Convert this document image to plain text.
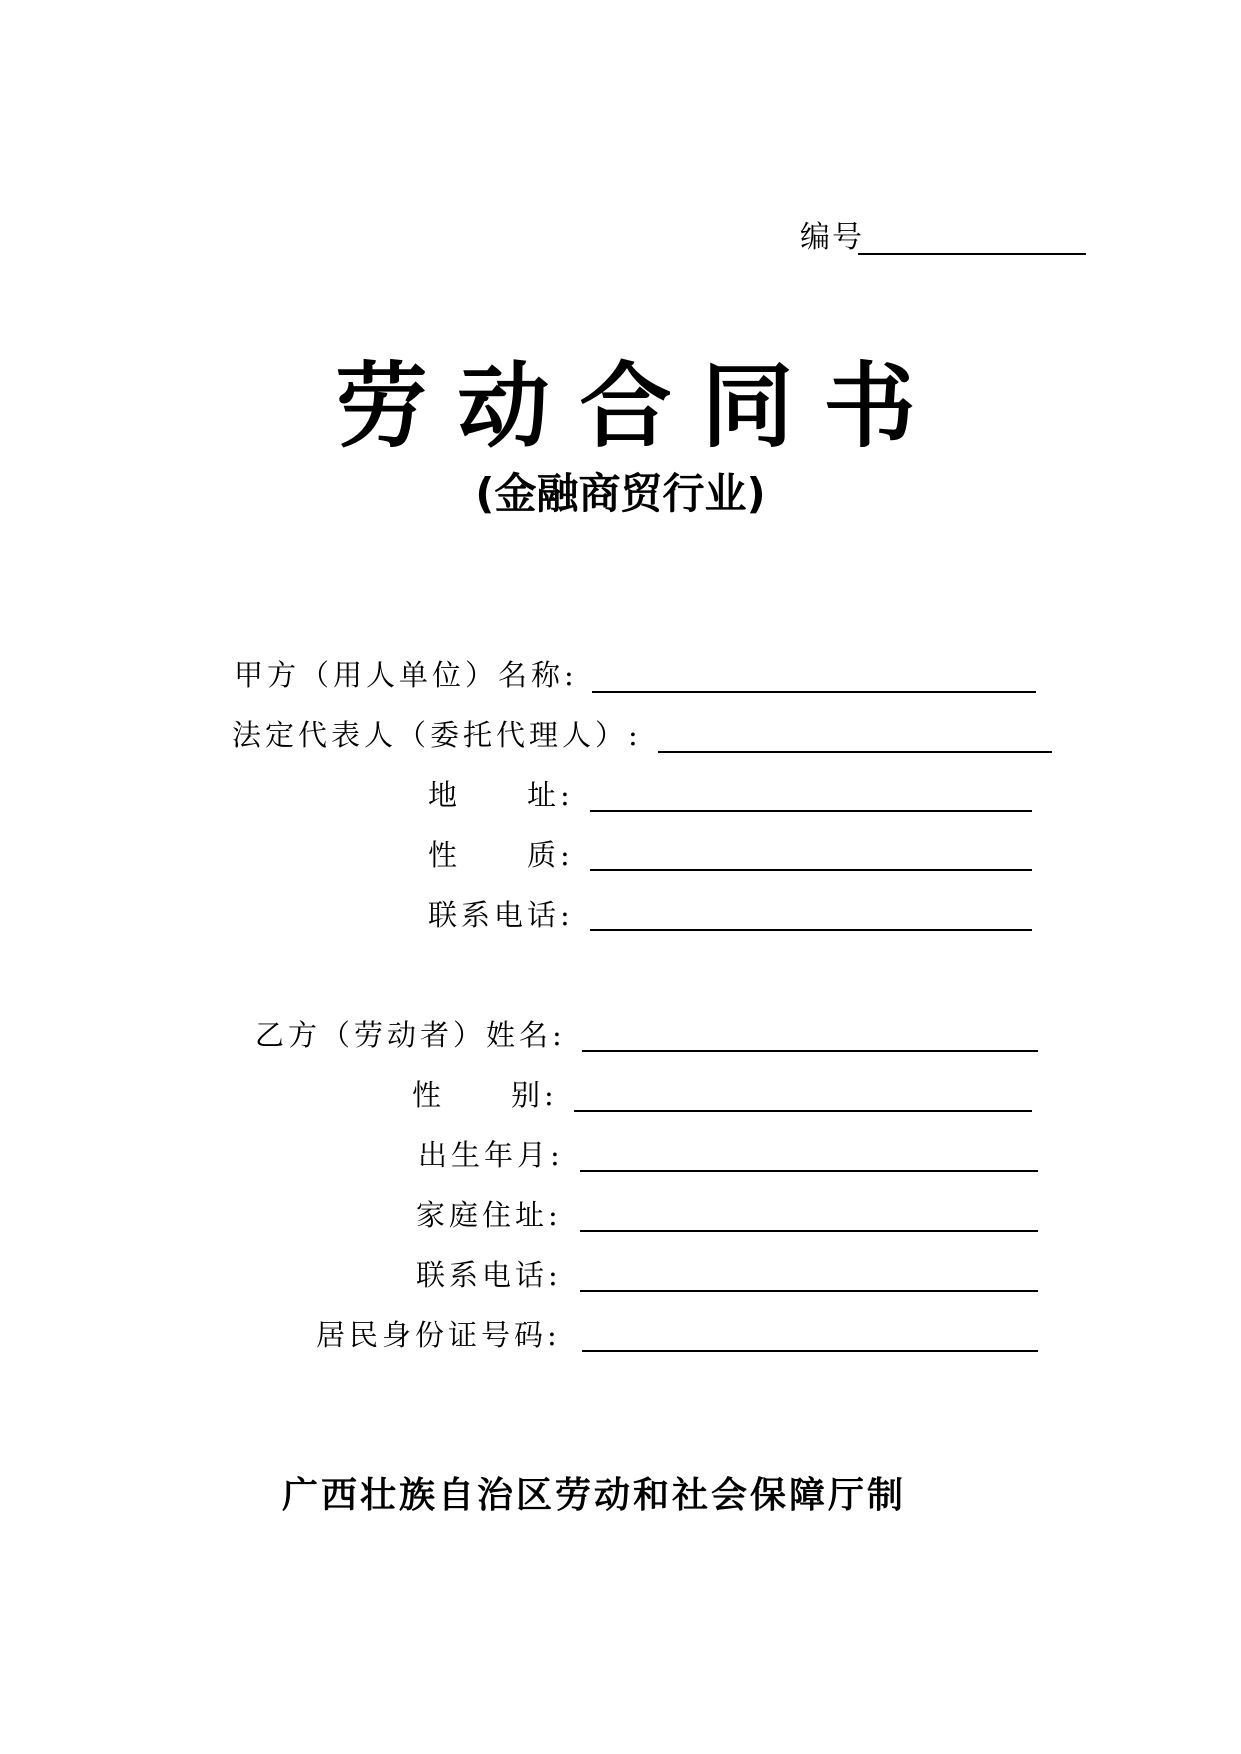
编号
劳动合同书
(金融商贸行业)
甲方（用人单位）名称:
法定代表人（委托代理人）:
地　　址:
性　　质:
联系电话:
乙方（劳动者）姓名:
性　　别:
出生年月:
家庭住址:
联系电话:
居民身份证号码:
广西壮族自治区劳动和社会保障厅制
